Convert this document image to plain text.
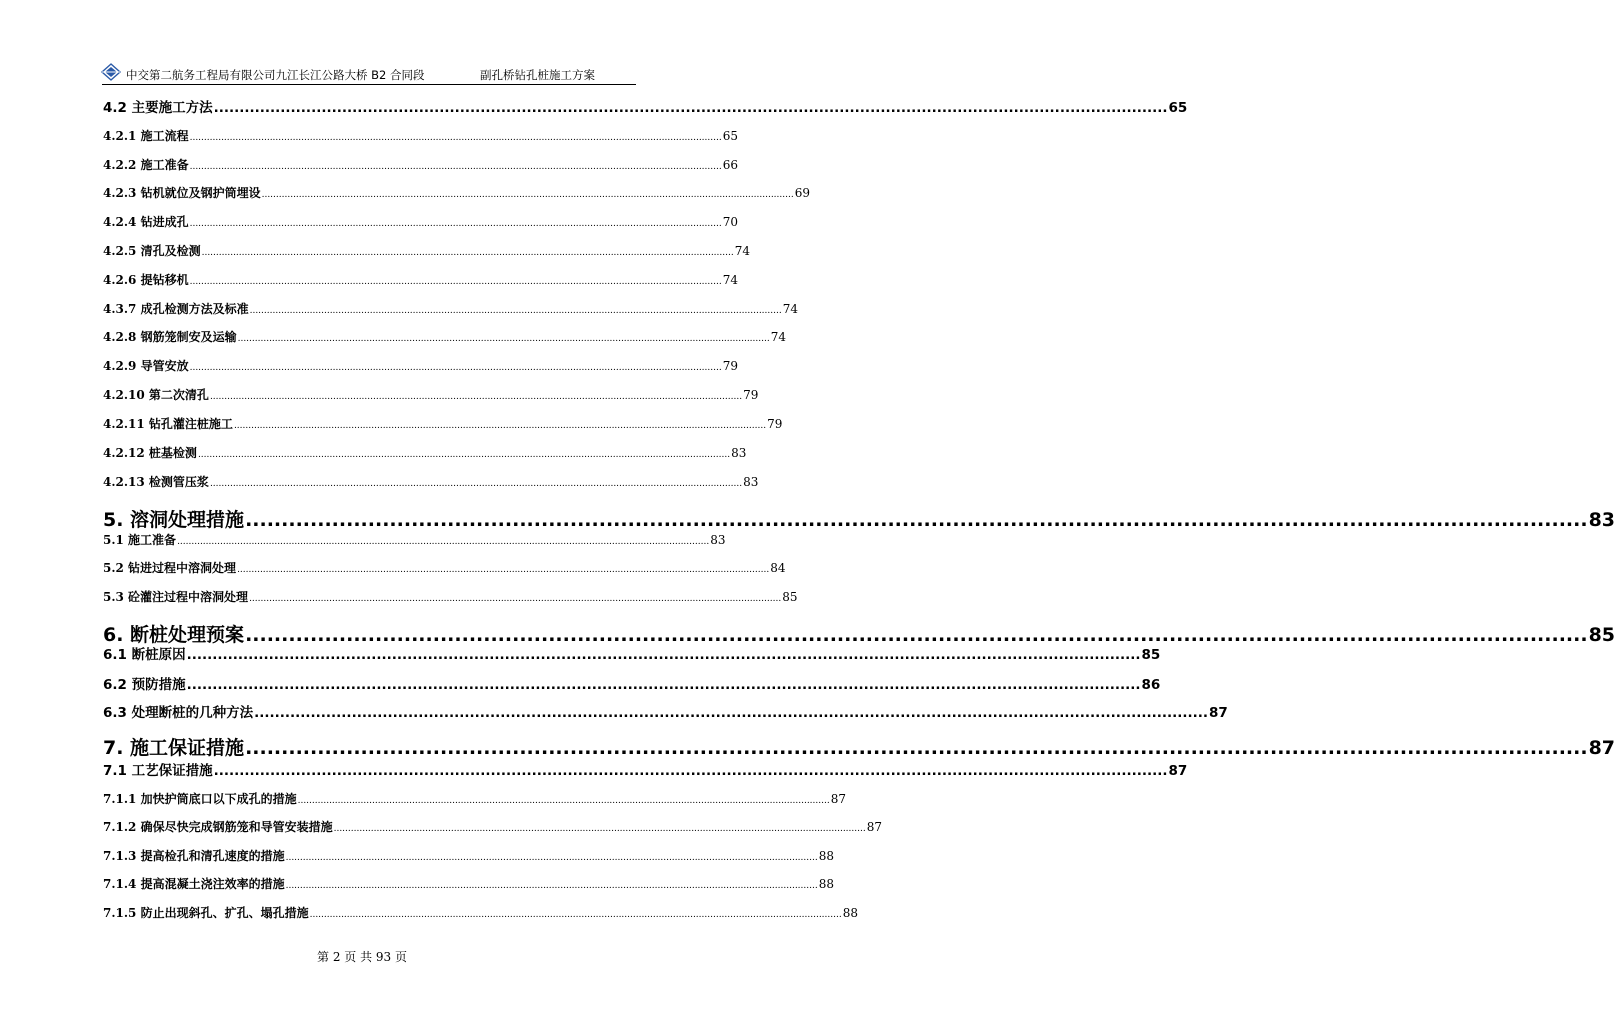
中交第二航务工程局有限公司九江长江公路大桥 B2 合同段	副孔桥钻孔桩施工方案
4.2 主要施工方法 .......................................................................................................................................................................................... 65
4.2.1 施工流程 .......................................................................................................................................................................................... 65
4.2.2 施工准备 .......................................................................................................................................................................................... 66
4.2.3 钻机就位及钢护筒埋设 .......................................................................................................................................................................................... 69
4.2.4 钻进成孔 .......................................................................................................................................................................................... 70
4.2.5 清孔及检测 .......................................................................................................................................................................................... 74
4.2.6 提钻移机 .......................................................................................................................................................................................... 74
4.3.7 成孔检测方法及标准 .......................................................................................................................................................................................... 74
4.2.8 钢筋笼制安及运输 .......................................................................................................................................................................................... 74
4.2.9 导管安放 .......................................................................................................................................................................................... 79
4.2.10 第二次清孔 .......................................................................................................................................................................................... 79
4.2.11 钻孔灌注桩施工 .......................................................................................................................................................................................... 79
4.2.12 桩基检测 .......................................................................................................................................................................................... 83
4.2.13 检测管压浆 .......................................................................................................................................................................................... 83
5. 溶洞处理措施 .......................................................................................................................................................................................... 83
5.1 施工准备 .......................................................................................................................................................................................... 83
5.2 钻进过程中溶洞处理 .......................................................................................................................................................................................... 84
5.3 砼灌注过程中溶洞处理 .......................................................................................................................................................................................... 85
6. 断桩处理预案 .......................................................................................................................................................................................... 85
6.1 断桩原因 .......................................................................................................................................................................................... 85
6.2 预防措施 .......................................................................................................................................................................................... 86
6.3 处理断桩的几种方法 .......................................................................................................................................................................................... 87
7. 施工保证措施 .......................................................................................................................................................................................... 87
7.1 工艺保证措施 .......................................................................................................................................................................................... 87
7.1.1 加快护筒底口以下成孔的措施 .......................................................................................................................................................................................... 87
7.1.2 确保尽快完成钢筋笼和导管安装措施 .......................................................................................................................................................................................... 87
7.1.3 提高检孔和清孔速度的措施 .......................................................................................................................................................................................... 88
7.1.4 提高混凝土浇注效率的措施 .......................................................................................................................................................................................... 88
7.1.5 防止出现斜孔、扩孔、塌孔措施 .......................................................................................................................................................................................... 88
第 2 页 共 93 页
